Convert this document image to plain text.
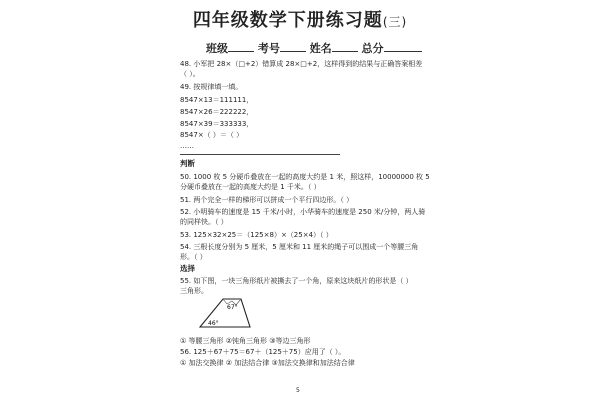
四年级数学下册练习题(三)
班级	考号	姓名	总分
48. 小军把 28×（□+2）错算成 28×□+2，这样得到的结果与正确答案相差
（ ）。
49. 按规律填一填。
8547×13＝111111，
8547×26＝222222，
8547×39＝333333，
8547×（ ）＝（ ）
……
判断
50. 1000 枚 5 分硬币叠放在一起的高度大约是 1 米，照这样，10000000 枚 5
分硬币叠放在一起的高度大约是 1 千米。（ ）
51. 两个完全一样的梯形可以拼成一个平行四边形。（ ）
52. 小明骑车的速度是 15 千米/小时，小华骑车的速度是 250 米/分钟，两人骑
的同样快。（ ）
53. 125×32×25＝（125×8）×（25×4）（ ）
54. 三根长度分别为 5 厘米，5 厘米和 11 厘米的绳子可以围成一个等腰三角
形。（ ）
选择
55. 如下图，一块三角形纸片被撕去了一个角，原来这块纸片的形状是（ ）
三角形。
67°
46°
① 等腰三角形 ②钝角三角形 ③等边三角形
56. 125＋67＋75＝67＋（125＋75）应用了（ ）。
① 加法交换律 ② 加法结合律 ③加法交换律和加法结合律
5
